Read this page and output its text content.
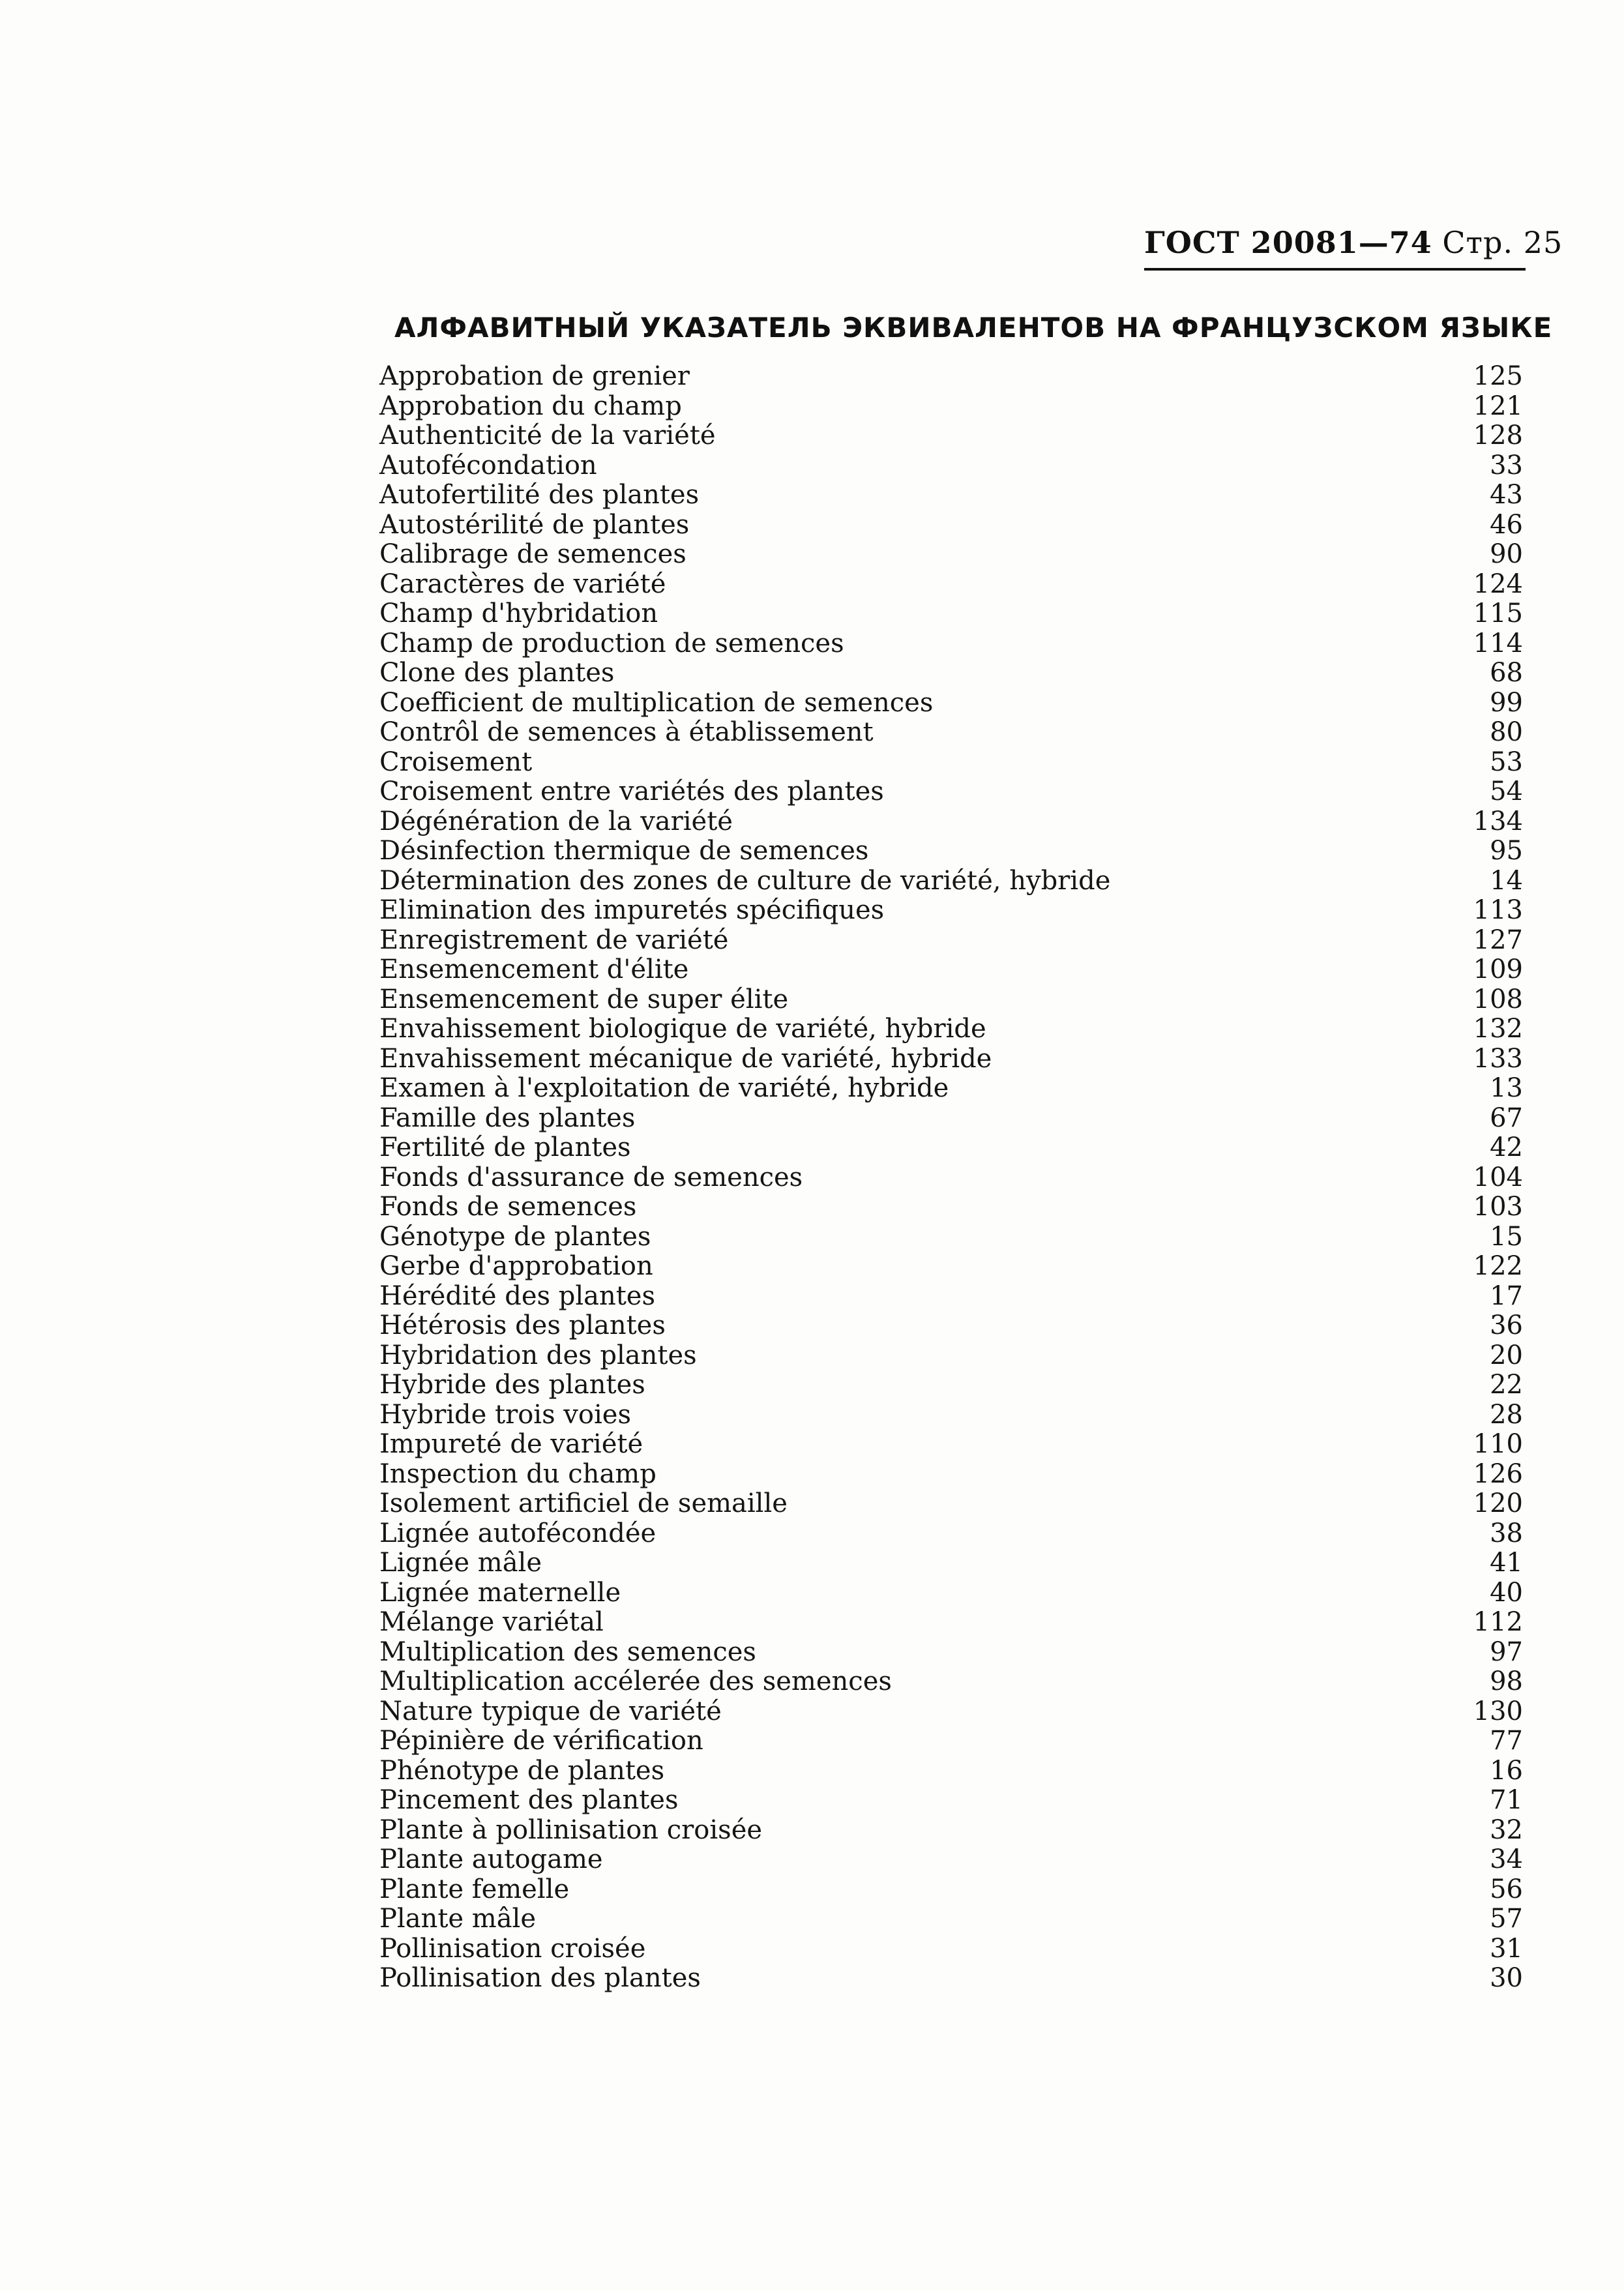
ГОСТ 20081—74 Стр. 25
АЛФАВИТНЫЙ УКАЗАТЕЛЬ ЭКВИВАЛЕНТОВ НА ФРАНЦУЗСКОМ ЯЗЫКЕ
Approbation de grenier	125
Approbation du champ	121
Authenticité de la variété	128
Autofécondation	33
Autofertilité des plantes	43
Autostérilité de plantes	46
Calibrage de semences	90
Caractères de variété	124
Champ d'hybridation	115
Champ de production de semences	114
Clone des plantes	68
Coefficient de multiplication de semences	99
Contrôl de semences à établissement	80
Croisement	53
Croisement entre variétés des plantes	54
Dégénération de la variété	134
Désinfection thermique de semences	95
Détermination des zones de culture de variété, hybride	14
Elimination des impuretés spécifiques	113
Enregistrement de variété	127
Ensemencement d'élite	109
Ensemencement de super élite	108
Envahissement biologique de variété, hybride	132
Envahissement mécanique de variété, hybride	133
Examen à l'exploitation de variété, hybride	13
Famille des plantes	67
Fertilité de plantes	42
Fonds d'assurance de semences	104
Fonds de semences	103
Génotype de plantes	15
Gerbe d'approbation	122
Hérédité des plantes	17
Hétérosis des plantes	36
Hybridation des plantes	20
Hybride des plantes	22
Hybride trois voies	28
Impureté de variété	110
Inspection du champ	126
Isolement artificiel de semaille	120
Lignée autofécondée	38
Lignée mâle	41
Lignée maternelle	40
Mélange variétal	112
Multiplication des semences	97
Multiplication accélerée des semences	98
Nature typique de variété	130
Pépinière de vérification	77
Phénotype de plantes	16
Pincement des plantes	71
Plante à pollinisation croisée	32
Plante autogame	34
Plante femelle	56
Plante mâle	57
Pollinisation croisée	31
Pollinisation des plantes	30
